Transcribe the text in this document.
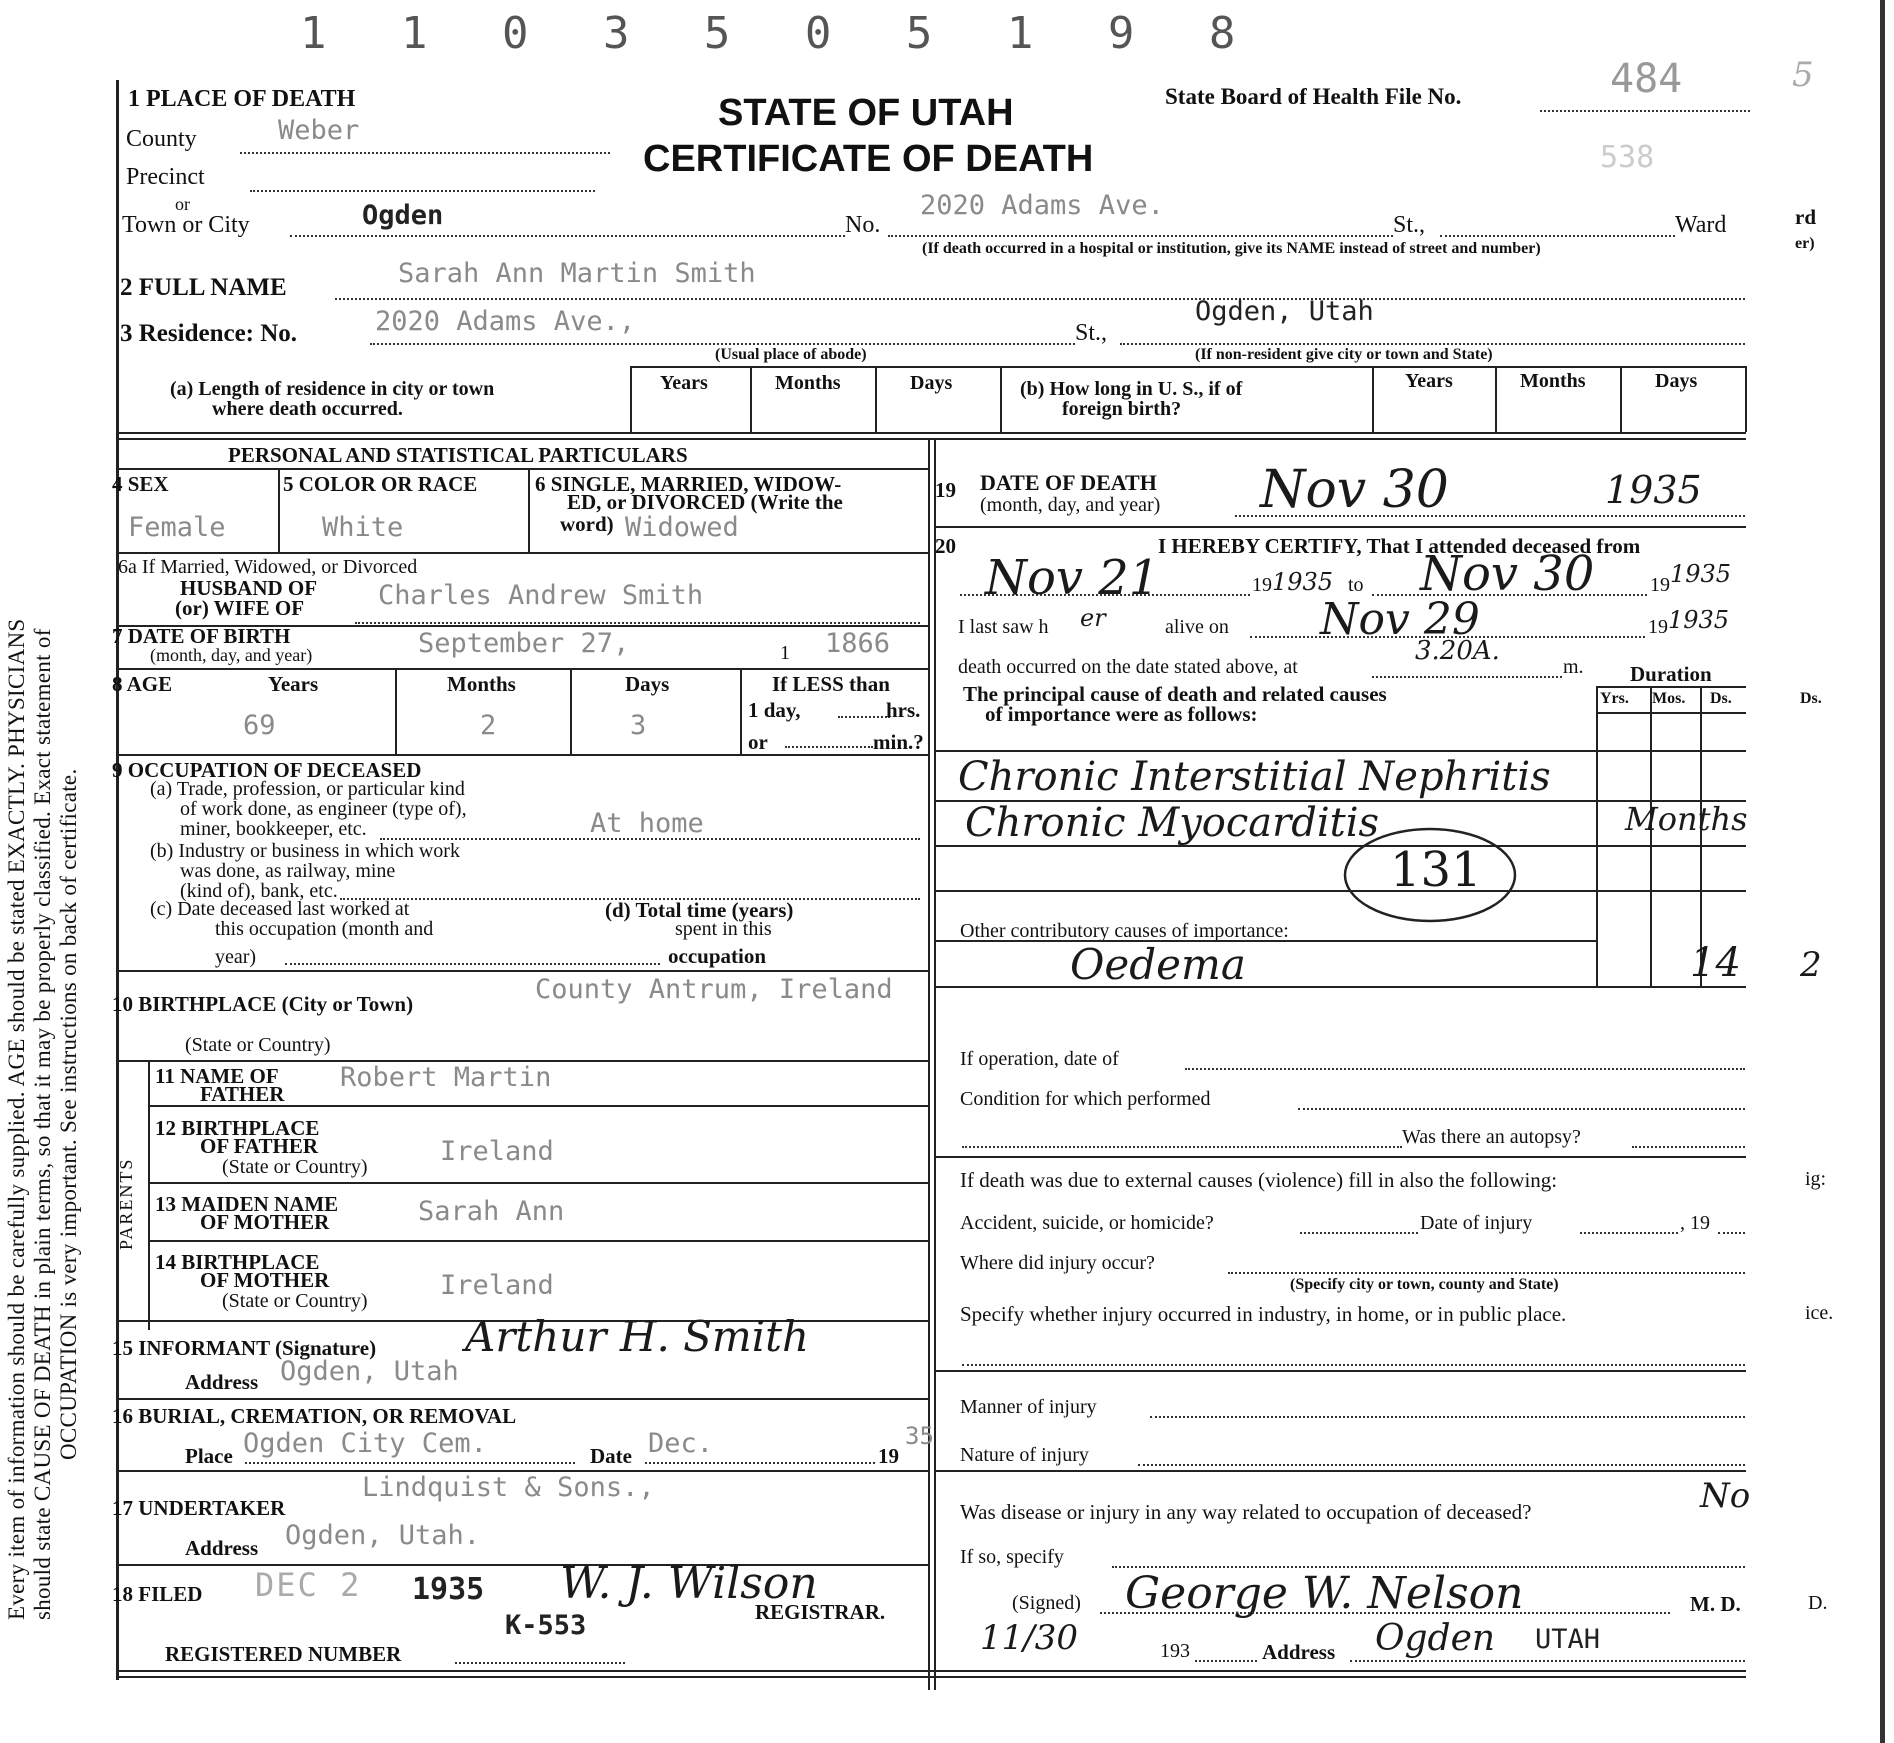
1 1 0 3 5 0 5 1 9 8
Every item of information should be carefully supplied. AGE should be stated EXACTLY. PHYSICIANS should state CAUSE OF DEATH in plain terms, so that it may be properly classified. Exact statement of OCCUPATION is very important. See instructions on back of certificate.
rd
er)
5
Ds.
2
ig:
ice.
D.
1 PLACE OF DEATH	STATE OF UTAH
CERTIFICATE OF DEATH
State Board of Health File No.	484
538
County	Weber
Precinct
or
Town or City	Ogden	No.
2020 Adams Ave.
St.,	Ward
(If death occurred in a hospital or institution, give its NAME instead of street and number)
2 FULL NAME	Sarah Ann Martin Smith
3 Residence: No.	2020 Adams Ave.,	St.,
Ogden, Utah
(Usual place of abode)	(If non-resident give city or town and State)
(a) Length of residence in city or town
where death occurred.
Years	Months	Days	(b) How long in U. S., if of
foreign birth?
Years	Months	Days
PERSONAL AND STATISTICAL PARTICULARS
4 SEX
Female
5 COLOR OR RACE
White
6 SINGLE, MARRIED, WIDOW-
ED, or DIVORCED (Write the
word) Widowed
6a If Married, Widowed, or Divorced
HUSBAND OF
(or) WIFE OF	Charles Andrew Smith
7 DATE OF BIRTH
(month, day, and year)	September 27,	1 1866
8 AGE	Years	Months	Days
69	2	3
If LESS than
1 day,	hrs.
or	min.?
9 OCCUPATION OF DECEASED
(a) Trade, profession, or particular kind
of work done, as engineer (type of),
miner, bookkeeper, etc.	At home
(b) Industry or business in which work
was done, as railway, mine
(kind of), bank, etc.
(c) Date deceased last worked at
this occupation (month and
year)
(d) Total time (years)
spent in this
occupation
10 BIRTHPLACE (City or Town)	County Antrum, Ireland
(State or Country)
PARENTS
11 NAME OF
FATHER
Robert Martin
12 BIRTHPLACE
OF FATHER
(State or Country)	Ireland
13 MAIDEN NAME
OF MOTHER	Sarah Ann
14 BIRTHPLACE
OF MOTHER
(State or Country)	Ireland
15 INFORMANT (Signature) Arthur H. Smith
Address Ogden, Utah
16 BURIAL, CREMATION, OR REMOVAL
Place Ogden City Cem.	Date Dec.	19
35
17 UNDERTAKER
Lindquist & Sons.,
Address Ogden, Utah.
18 FILED DEC 2 1935 W. J. Wilson
REGISTRAR.
REGISTERED NUMBER
K-553
19 DATE OF DEATH
(month, day, and year) Nov 30	1935
20	I HEREBY CERTIFY, That I attended deceased from
Nov 21	19 1935 to Nov 30	19 1935
I last saw h er	alive on Nov 29	19 1935
death occurred on the date stated above, at
3.20A.
m. Duration
The principal cause of death and related causes
of importance were as follows:
Yrs. Mos. Ds.
Chronic Interstitial Nephritis
Chronic Myocarditis	Months
131
Other contributory causes of importance:
Oedema	14
If operation, date of
Condition for which performed
Was there an autopsy?
If death was due to external causes (violence) fill in also the following:
Accident, suicide, or homicide?	Date of injury	, 19
Where did injury occur?
(Specify city or town, county and State)
Specify whether injury occurred in industry, in home, or in public place.
Manner of injury
Nature of injury
Was disease or injury in any way related to occupation of deceased?	No
If so, specify
(Signed) George W. Nelson	M. D.
11/30	193	Address Ogden UTAH
